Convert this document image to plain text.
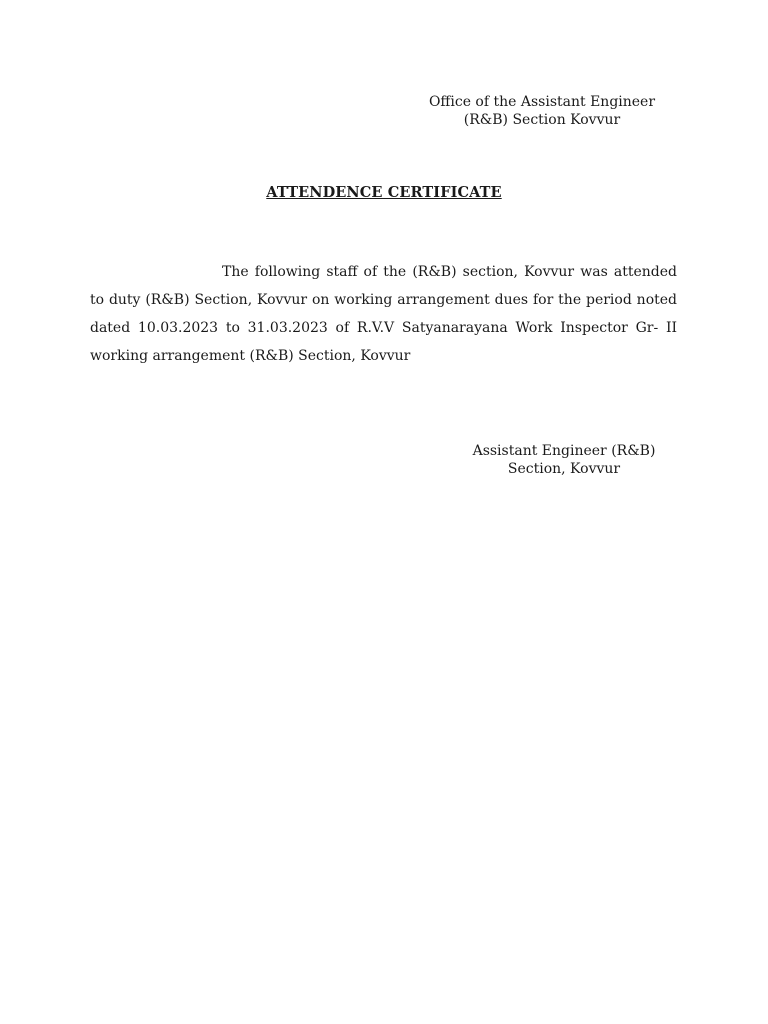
Office of the Assistant Engineer
(R&B) Section Kovvur
ATTENDENCE CERTIFICATE

The following staff of the (R&B) section, Kovvur was attended to duty (R&B) Section, Kovvur on working arrangement dues for the period noted dated 10.03.2023 to 31.03.2023 of R.V.V Satyanarayana Work Inspector Gr- II working arrangement (R&B) Section, Kovvur

Assistant Engineer (R&B)
Section, Kovvur
